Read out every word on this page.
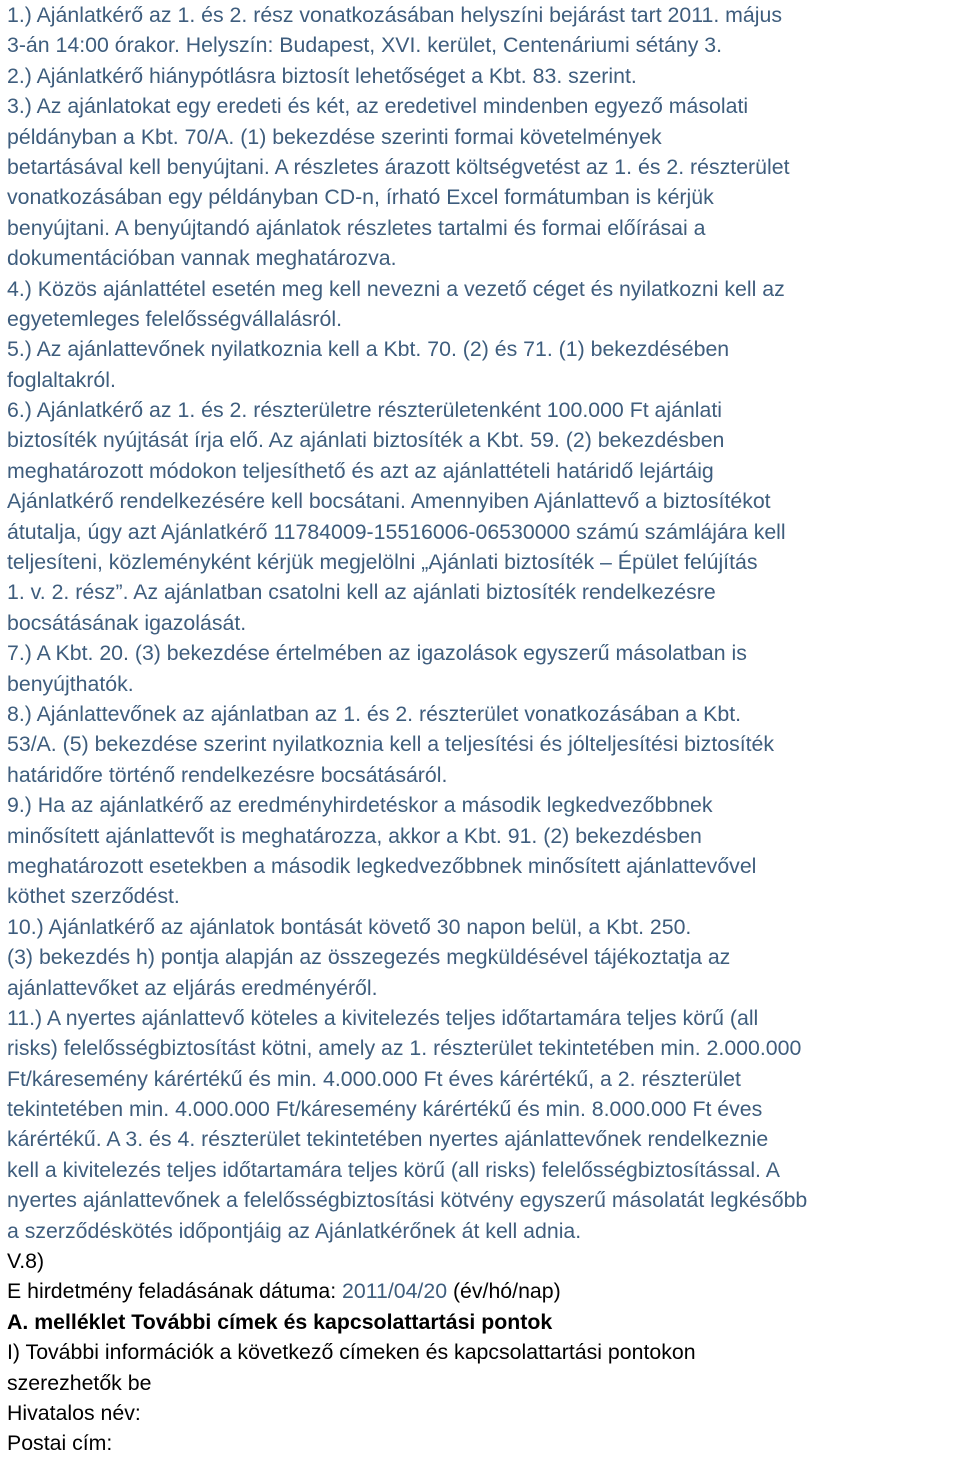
1.) Ajánlatkérő az 1. és 2. rész vonatkozásában helyszíni bejárást tart 2011. május
3-án 14:00 órakor. Helyszín: Budapest, XVI. kerület, Centenáriumi sétány 3.
2.) Ajánlatkérő hiánypótlásra biztosít lehetőséget a Kbt. 83. szerint.
3.) Az ajánlatokat egy eredeti és két, az eredetivel mindenben egyező másolati
példányban a Kbt. 70/A. (1) bekezdése szerinti formai követelmények
betartásával kell benyújtani. A részletes árazott költségvetést az 1. és 2. részterület
vonatkozásában egy példányban CD-n, írható Excel formátumban is kérjük
benyújtani. A benyújtandó ajánlatok részletes tartalmi és formai előírásai a
dokumentációban vannak meghatározva.
4.) Közös ajánlattétel esetén meg kell nevezni a vezető céget és nyilatkozni kell az
egyetemleges felelősségvállalásról.
5.) Az ajánlattevőnek nyilatkoznia kell a Kbt. 70. (2) és 71. (1) bekezdésében
foglaltakról.
6.) Ajánlatkérő az 1. és 2. részterületre részterületenként 100.000 Ft ajánlati
biztosíték nyújtását írja elő. Az ajánlati biztosíték a Kbt. 59. (2) bekezdésben
meghatározott módokon teljesíthető és azt az ajánlattételi határidő lejártáig
Ajánlatkérő rendelkezésére kell bocsátani. Amennyiben Ajánlattevő a biztosítékot
átutalja, úgy azt Ajánlatkérő 11784009-15516006-06530000 számú számlájára kell
teljesíteni, közleményként kérjük megjelölni „Ajánlati biztosíték – Épület felújítás
1. v. 2. rész”. Az ajánlatban csatolni kell az ajánlati biztosíték rendelkezésre
bocsátásának igazolását.
7.) A Kbt. 20. (3) bekezdése értelmében az igazolások egyszerű másolatban is
benyújthatók.
8.) Ajánlattevőnek az ajánlatban az 1. és 2. részterület vonatkozásában a Kbt.
53/A. (5) bekezdése szerint nyilatkoznia kell a teljesítési és jólteljesítési biztosíték
határidőre történő rendelkezésre bocsátásáról.
9.) Ha az ajánlatkérő az eredményhirdetéskor a második legkedvezőbbnek
minősített ajánlattevőt is meghatározza, akkor a Kbt. 91. (2) bekezdésben
meghatározott esetekben a második legkedvezőbbnek minősített ajánlattevővel
köthet szerződést.
10.) Ajánlatkérő az ajánlatok bontását követő 30 napon belül, a Kbt. 250.
(3) bekezdés h) pontja alapján az összegezés megküldésével tájékoztatja az
ajánlattevőket az eljárás eredményéről.
11.) A nyertes ajánlattevő köteles a kivitelezés teljes időtartamára teljes körű (all
risks) felelősségbiztosítást kötni, amely az 1. részterület tekintetében min. 2.000.000
Ft/káresemény kárértékű és min. 4.000.000 Ft éves kárértékű, a 2. részterület
tekintetében min. 4.000.000 Ft/káresemény kárértékű és min. 8.000.000 Ft éves
kárértékű. A 3. és 4. részterület tekintetében nyertes ajánlattevőnek rendelkeznie
kell a kivitelezés teljes időtartamára teljes körű (all risks) felelősségbiztosítással. A
nyertes ajánlattevőnek a felelősségbiztosítási kötvény egyszerű másolatát legkésőbb
a szerződéskötés időpontjáig az Ajánlatkérőnek át kell adnia.
V.8)
E hirdetmény feladásának dátuma: 2011/04/20 (év/hó/nap)
A. melléklet További címek és kapcsolattartási pontok
I) További információk a következő címeken és kapcsolattartási pontokon
szerezhetők be
Hivatalos név:
Postai cím:
